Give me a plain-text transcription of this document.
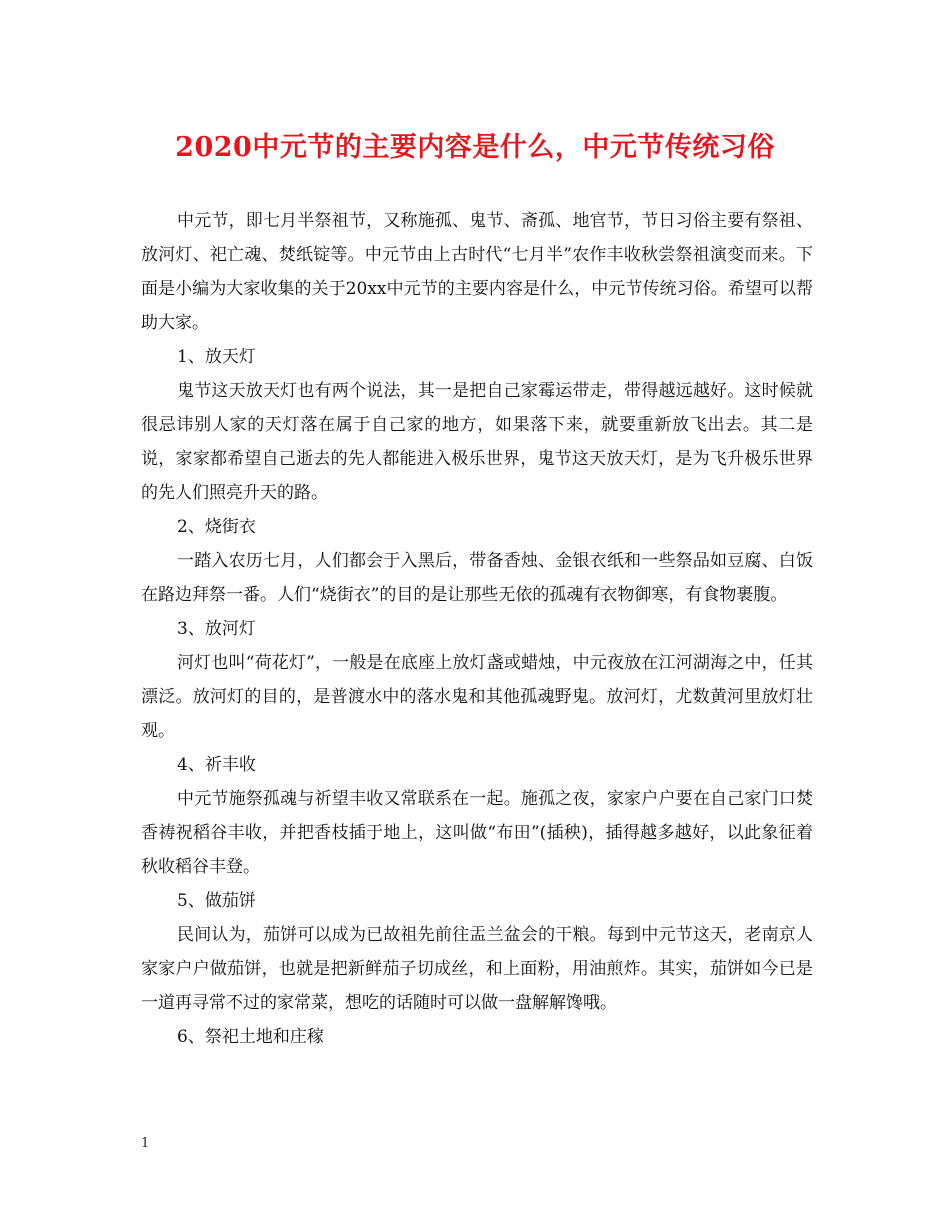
2020中元节的主要内容是什么，中元节传统习俗

中元节，即七月半祭祖节，又称施孤、鬼节、斋孤、地官节，节日习俗主要有祭祖、放河灯、祀亡魂、焚纸锭等。中元节由上古时代“七月半”农作丰收秋尝祭祖演变而来。下面是小编为大家收集的关于20xx中元节的主要内容是什么，中元节传统习俗。希望可以帮助大家。

1、放天灯

鬼节这天放天灯也有两个说法，其一是把自己家霉运带走，带得越远越好。这时候就很忌讳别人家的天灯落在属于自己家的地方，如果落下来，就要重新放飞出去。其二是说，家家都希望自己逝去的先人都能进入极乐世界，鬼节这天放天灯，是为飞升极乐世界的先人们照亮升天的路。

2、烧街衣

一踏入农历七月，人们都会于入黑后，带备香烛、金银衣纸和一些祭品如豆腐、白饭在路边拜祭一番。人们“烧街衣”的目的是让那些无依的孤魂有衣物御寒，有食物裹腹。

3、放河灯

河灯也叫“荷花灯”，一般是在底座上放灯盏或蜡烛，中元夜放在江河湖海之中，任其漂泛。放河灯的目的，是普渡水中的落水鬼和其他孤魂野鬼。放河灯，尤数黄河里放灯壮观。

4、祈丰收

中元节施祭孤魂与祈望丰收又常联系在一起。施孤之夜，家家户户要在自己家门口焚香祷祝稻谷丰收，并把香枝插于地上，这叫做“布田”(插秧)，插得越多越好，以此象征着秋收稻谷丰登。

5、做茄饼

民间认为，茄饼可以成为已故祖先前往盂兰盆会的干粮。每到中元节这天，老南京人家家户户做茄饼，也就是把新鲜茄子切成丝，和上面粉，用油煎炸。其实，茄饼如今已是一道再寻常不过的家常菜，想吃的话随时可以做一盘解解馋哦。

6、祭祀土地和庄稼

1
